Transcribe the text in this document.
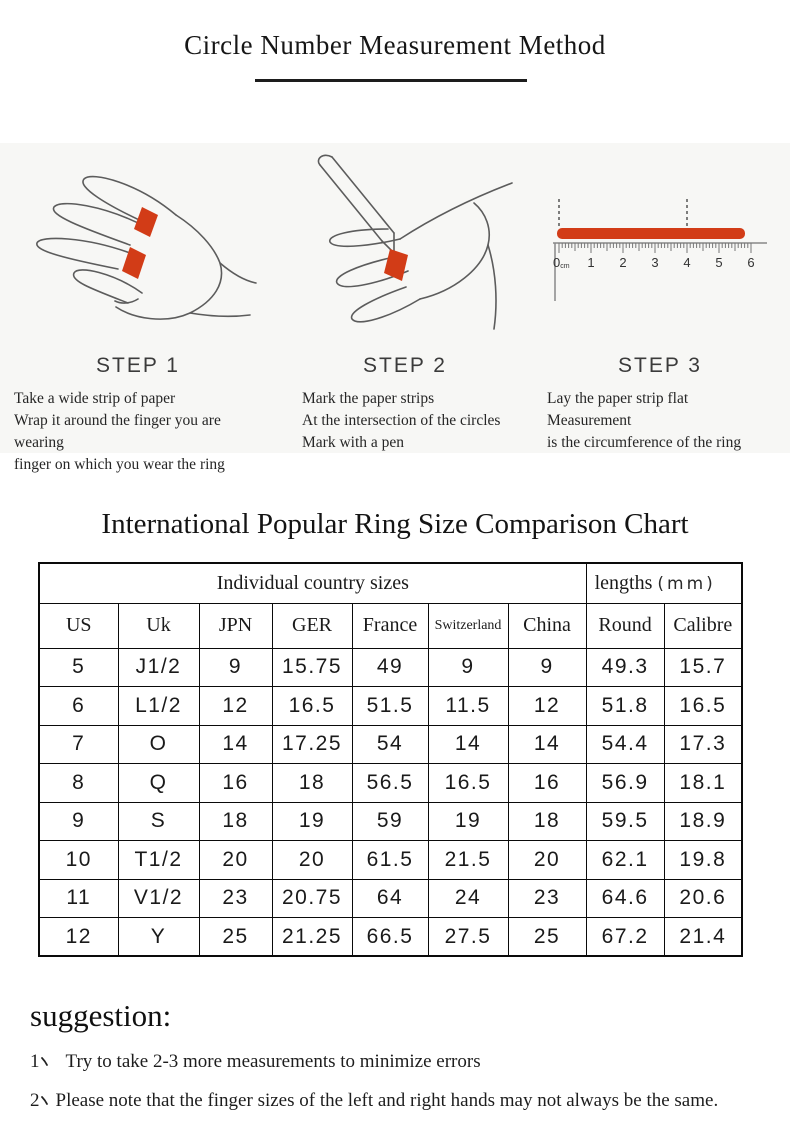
Circle Number Measurement Method
STEP 1
Take a wide strip of paper
Wrap it around the finger you are wearing
finger on which you wear the ring
STEP 2
Mark the paper strips
At the intersection of the circles
Mark with a pen
0cm 1 2 3 4 5 6
STEP 3
Lay the paper strip flat
Measurement
is the circumference of the ring
International Popular Ring Size Comparison Chart
Individual country sizes							lengths (mm)	
US	Uk	JPN	GER	France	Switzerland	China	Round	Calibre
5	J1/2	9	15.75	49	9	9	49.3	15.7
6	L1/2	12	16.5	51.5	11.5	12	51.8	16.5
7	O	14	17.25	54	14	14	54.4	17.3
8	Q	16	18	56.5	16.5	16	56.9	18.1
9	S	18	19	59	19	18	59.5	18.9
10	T1/2	20	20	61.5	21.5	20	62.1	19.8
11	V1/2	23	20.75	64	24	23	64.6	20.6
12	Y	25	21.25	66.5	27.5	25	67.2	21.4
suggestion:
1 Try to take 2-3 more measurements to minimize errors
2 Please note that the finger sizes of the left and right hands may not always be the same.
